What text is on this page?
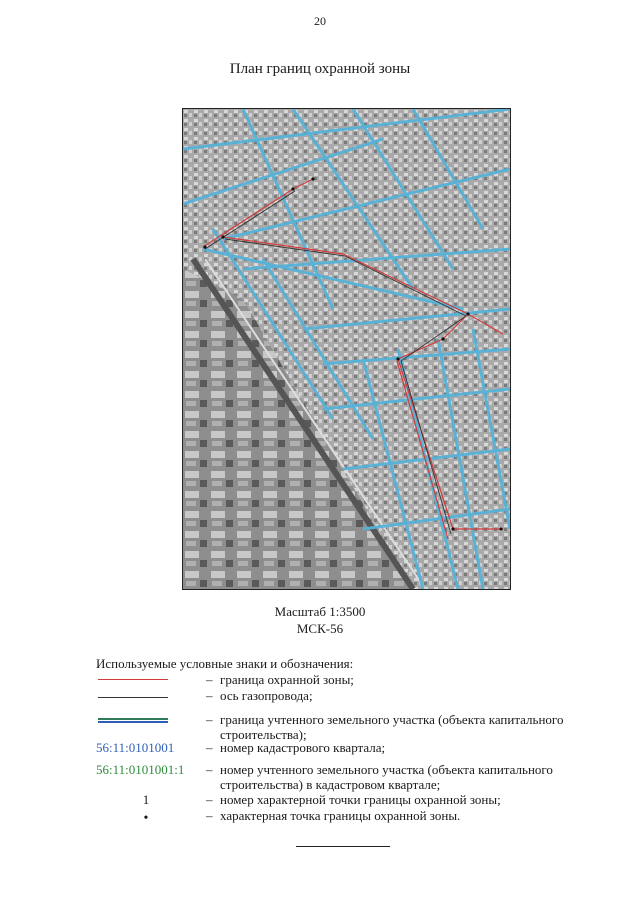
20
План границ охранной зоны
Масштаб 1:3500
МСК-56
Используемые условные знаки и обозначения:
– граница охранной зоны;
– ось газопровода;
– граница учтенного земельного участка (объекта капитального строительства);
56:11:0101001 – номер кадастрового квартала;
56:11:0101001:1	– номер учтенного земельного участка (объекта капитального строительства) в кадастровом квартале;
1	– номер характерной точки границы охранной зоны;
•	– характерная точка границы охранной зоны.
